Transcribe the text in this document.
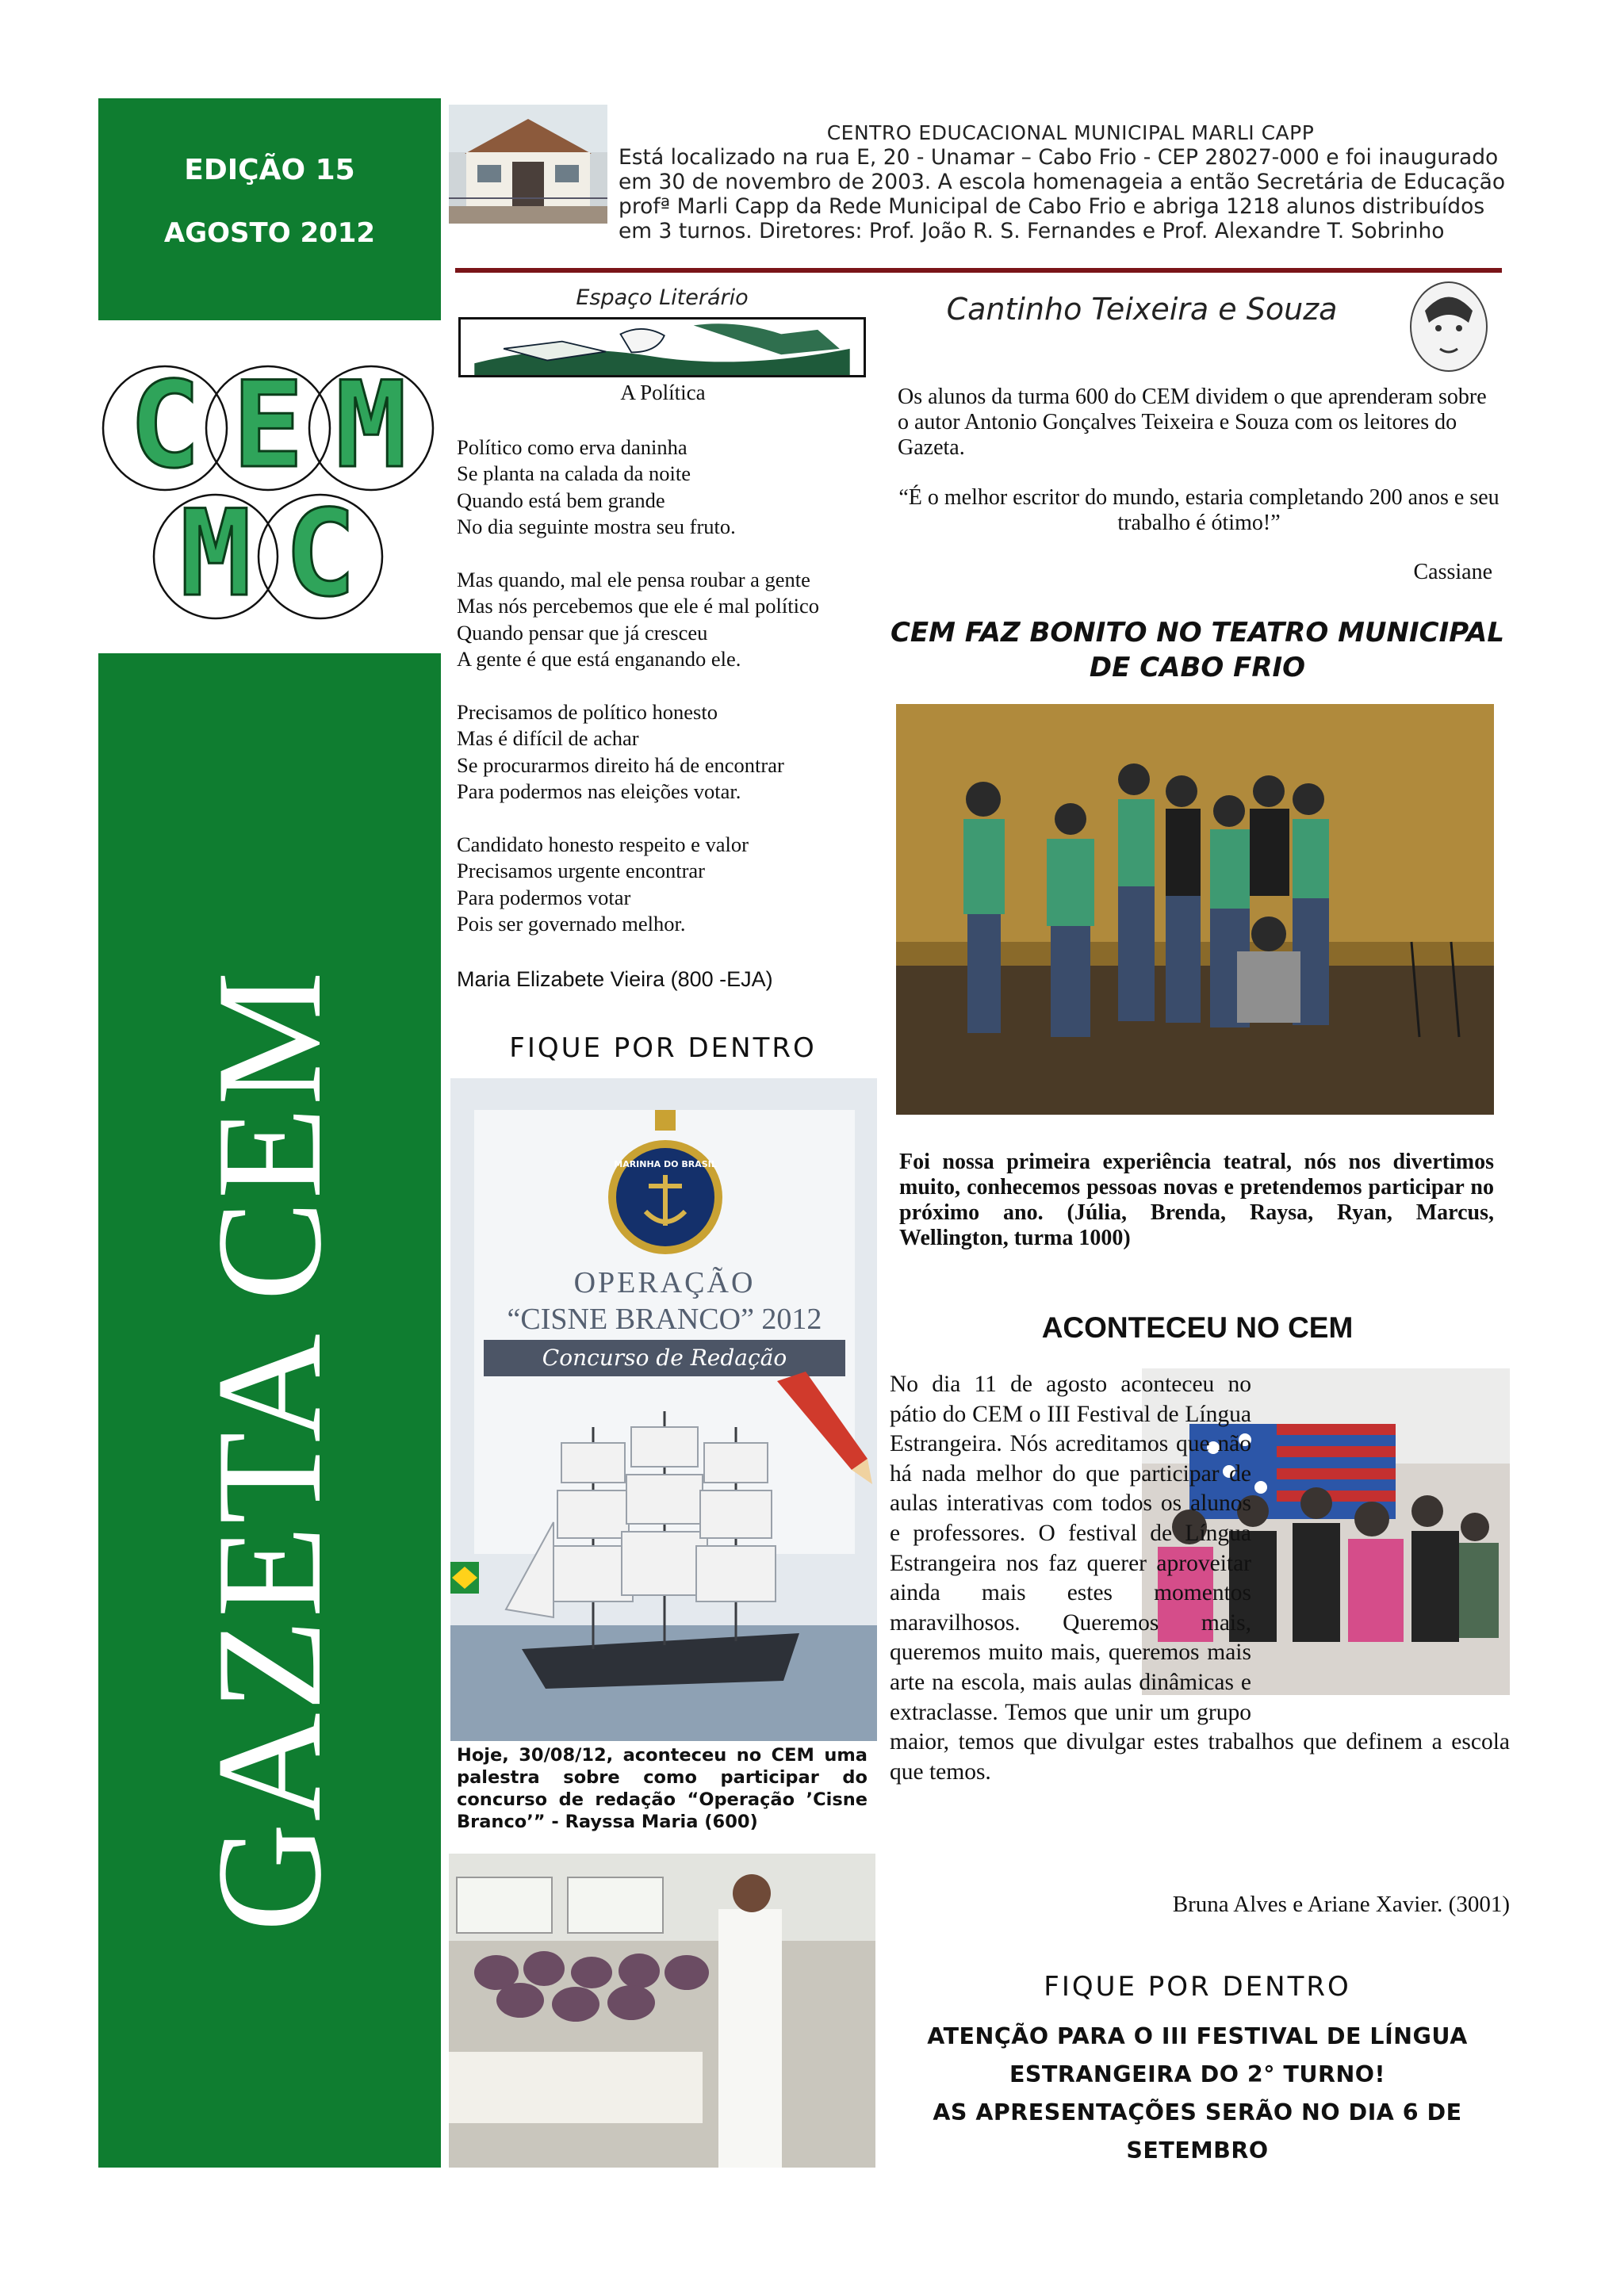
EDIÇÃO 15
AGOSTO 2012
C E M
M C
GAZETA CEM
CENTRO EDUCACIONAL MUNICIPAL MARLI CAPP
Está localizado na rua E, 20 - Unamar – Cabo Frio - CEP 28027-000 e foi inaugurado
em 30 de novembro de 2003. A escola homenageia a então Secretária de Educação
profª Marli Capp da Rede Municipal de Cabo Frio e abriga 1218 alunos distribuídos
em 3 turnos. Diretores: Prof. João R. S. Fernandes e Prof. Alexandre T. Sobrinho
Espaço Literário
A Política
Político como erva daninha
Se planta na calada da noite
Quando está bem grande
No dia seguinte mostra seu fruto.
Mas quando, mal ele pensa roubar a gente
Mas nós percebemos que ele é mal político
Quando pensar que já cresceu
A gente é que está enganando ele.
Precisamos de político honesto
Mas é difícil de achar
Se procurarmos direito há de encontrar
Para podermos nas eleições votar.
Candidato honesto respeito e valor
Precisamos urgente encontrar
Para podermos votar
Pois ser governado melhor.
Maria Elizabete Vieira (800 -EJA)
FIQUE POR DENTRO
MARINHA DO BRASIL
OPERAÇÃO
“CISNE BRANCO” 2012
Concurso de Redação
Hoje, 30/08/12, aconteceu no CEM uma palestra sobre como participar do concurso de redação “Operação ’Cisne Branco’” - Rayssa Maria (600)
Cantinho Teixeira e Souza
Os alunos da turma 600 do CEM dividem o que aprenderam sobre o autor Antonio Gonçalves Teixeira e Souza com os leitores do Gazeta.
“É o melhor escritor do mundo, estaria completando 200 anos e seu trabalho é ótimo!”
Cassiane
CEM FAZ BONITO NO TEATRO MUNICIPAL DE CABO FRIO
Foi nossa primeira experiência teatral, nós nos divertimos muito, conhecemos pessoas novas e pretendemos participar no próximo ano. (Júlia, Brenda, Raysa, Ryan, Marcus, Wellington, turma 1000)
ACONTECEU NO CEM
No dia 11 de agosto aconteceu no pátio do CEM o III Festival de Língua Estrangeira. Nós acreditamos que não há nada melhor do que participar de aulas interativas com todos os alunos e professores. O festival de Língua Estrangeira nos faz querer aproveitar ainda mais estes momentos maravilhosos. Queremos mais, queremos muito mais, queremos mais arte na escola, mais aulas dinâmicas e extraclasse. Temos que unir um grupo maior, temos que divulgar estes trabalhos que definem a escola que temos.
Bruna Alves e Ariane Xavier. (3001)
FIQUE POR DENTRO
ATENÇÃO PARA O III FESTIVAL DE LÍNGUA
ESTRANGEIRA DO 2° TURNO!
AS APRESENTAÇÕES SERÃO NO DIA 6 DE SETEMBRO
